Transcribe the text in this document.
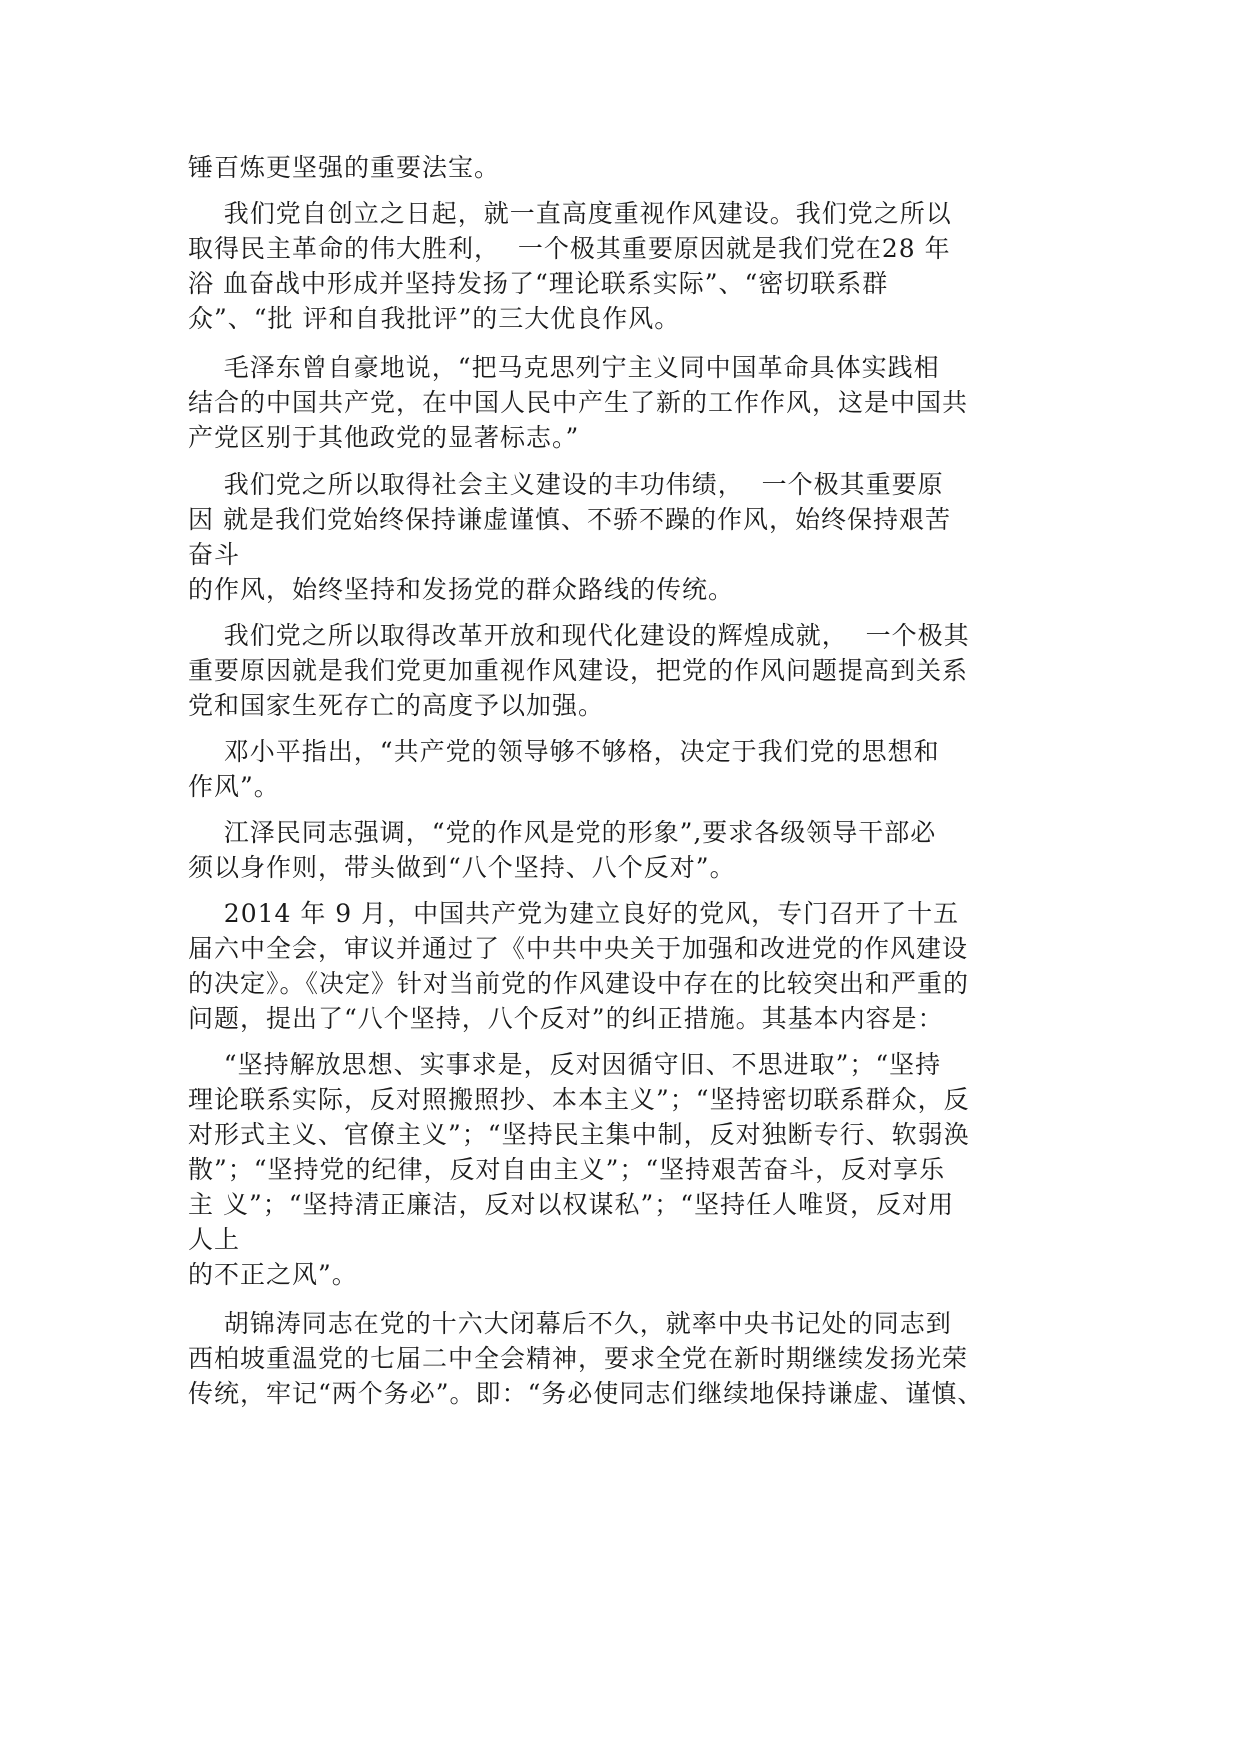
锤百炼更坚强的重要法宝。
我们党自创立之日起，就一直高度重视作风建设。我们党之所以
取得民主革命的伟大胜利，  一个极其重要原因就是我们党在28 年
浴 血奋战中形成并坚持发扬了“理论联系实际”、“密切联系群
众”、“批 评和自我批评”的三大优良作风。
毛泽东曾自豪地说，“把马克思列宁主义同中国革命具体实践相
结合的中国共产党，在中国人民中产生了新的工作作风，这是中国共
产党区别于其他政党的显著标志。”
我们党之所以取得社会主义建设的丰功伟绩，  一个极其重要原
因 就是我们党始终保持谦虚谨慎、不骄不躁的作风，始终保持艰苦
奋斗
的作风，始终坚持和发扬党的群众路线的传统。
我们党之所以取得改革开放和现代化建设的辉煌成就，  一个极其
重要原因就是我们党更加重视作风建设，把党的作风问题提高到关系
党和国家生死存亡的高度予以加强。
邓小平指出，“共产党的领导够不够格，决定于我们党的思想和
作风”。
江泽民同志强调，“党的作风是党的形象”,要求各级领导干部必
须以身作则，带头做到“八个坚持、八个反对”。
2014 年 9 月，中国共产党为建立良好的党风，专门召开了十五
届六中全会，审议并通过了《中共中央关于加强和改进党的作风建设
的决定》。《决定》针对当前党的作风建设中存在的比较突出和严重的
问题，提出了“八个坚持，八个反对”的纠正措施。其基本内容是：
“坚持解放思想、实事求是，反对因循守旧、不思进取”；“坚持
理论联系实际，反对照搬照抄、本本主义”；“坚持密切联系群众，反
对形式主义、官僚主义”；“坚持民主集中制，反对独断专行、软弱涣
散”；“坚持党的纪律，反对自由主义”；“坚持艰苦奋斗，反对享乐
主 义”；“坚持清正廉洁，反对以权谋私”；“坚持任人唯贤，反对用
人上
的不正之风”。
胡锦涛同志在党的十六大闭幕后不久，就率中央书记处的同志到
西柏坡重温党的七届二中全会精神，要求全党在新时期继续发扬光荣
传统，牢记“两个务必”。即：“务必使同志们继续地保持谦虚、谨慎、
